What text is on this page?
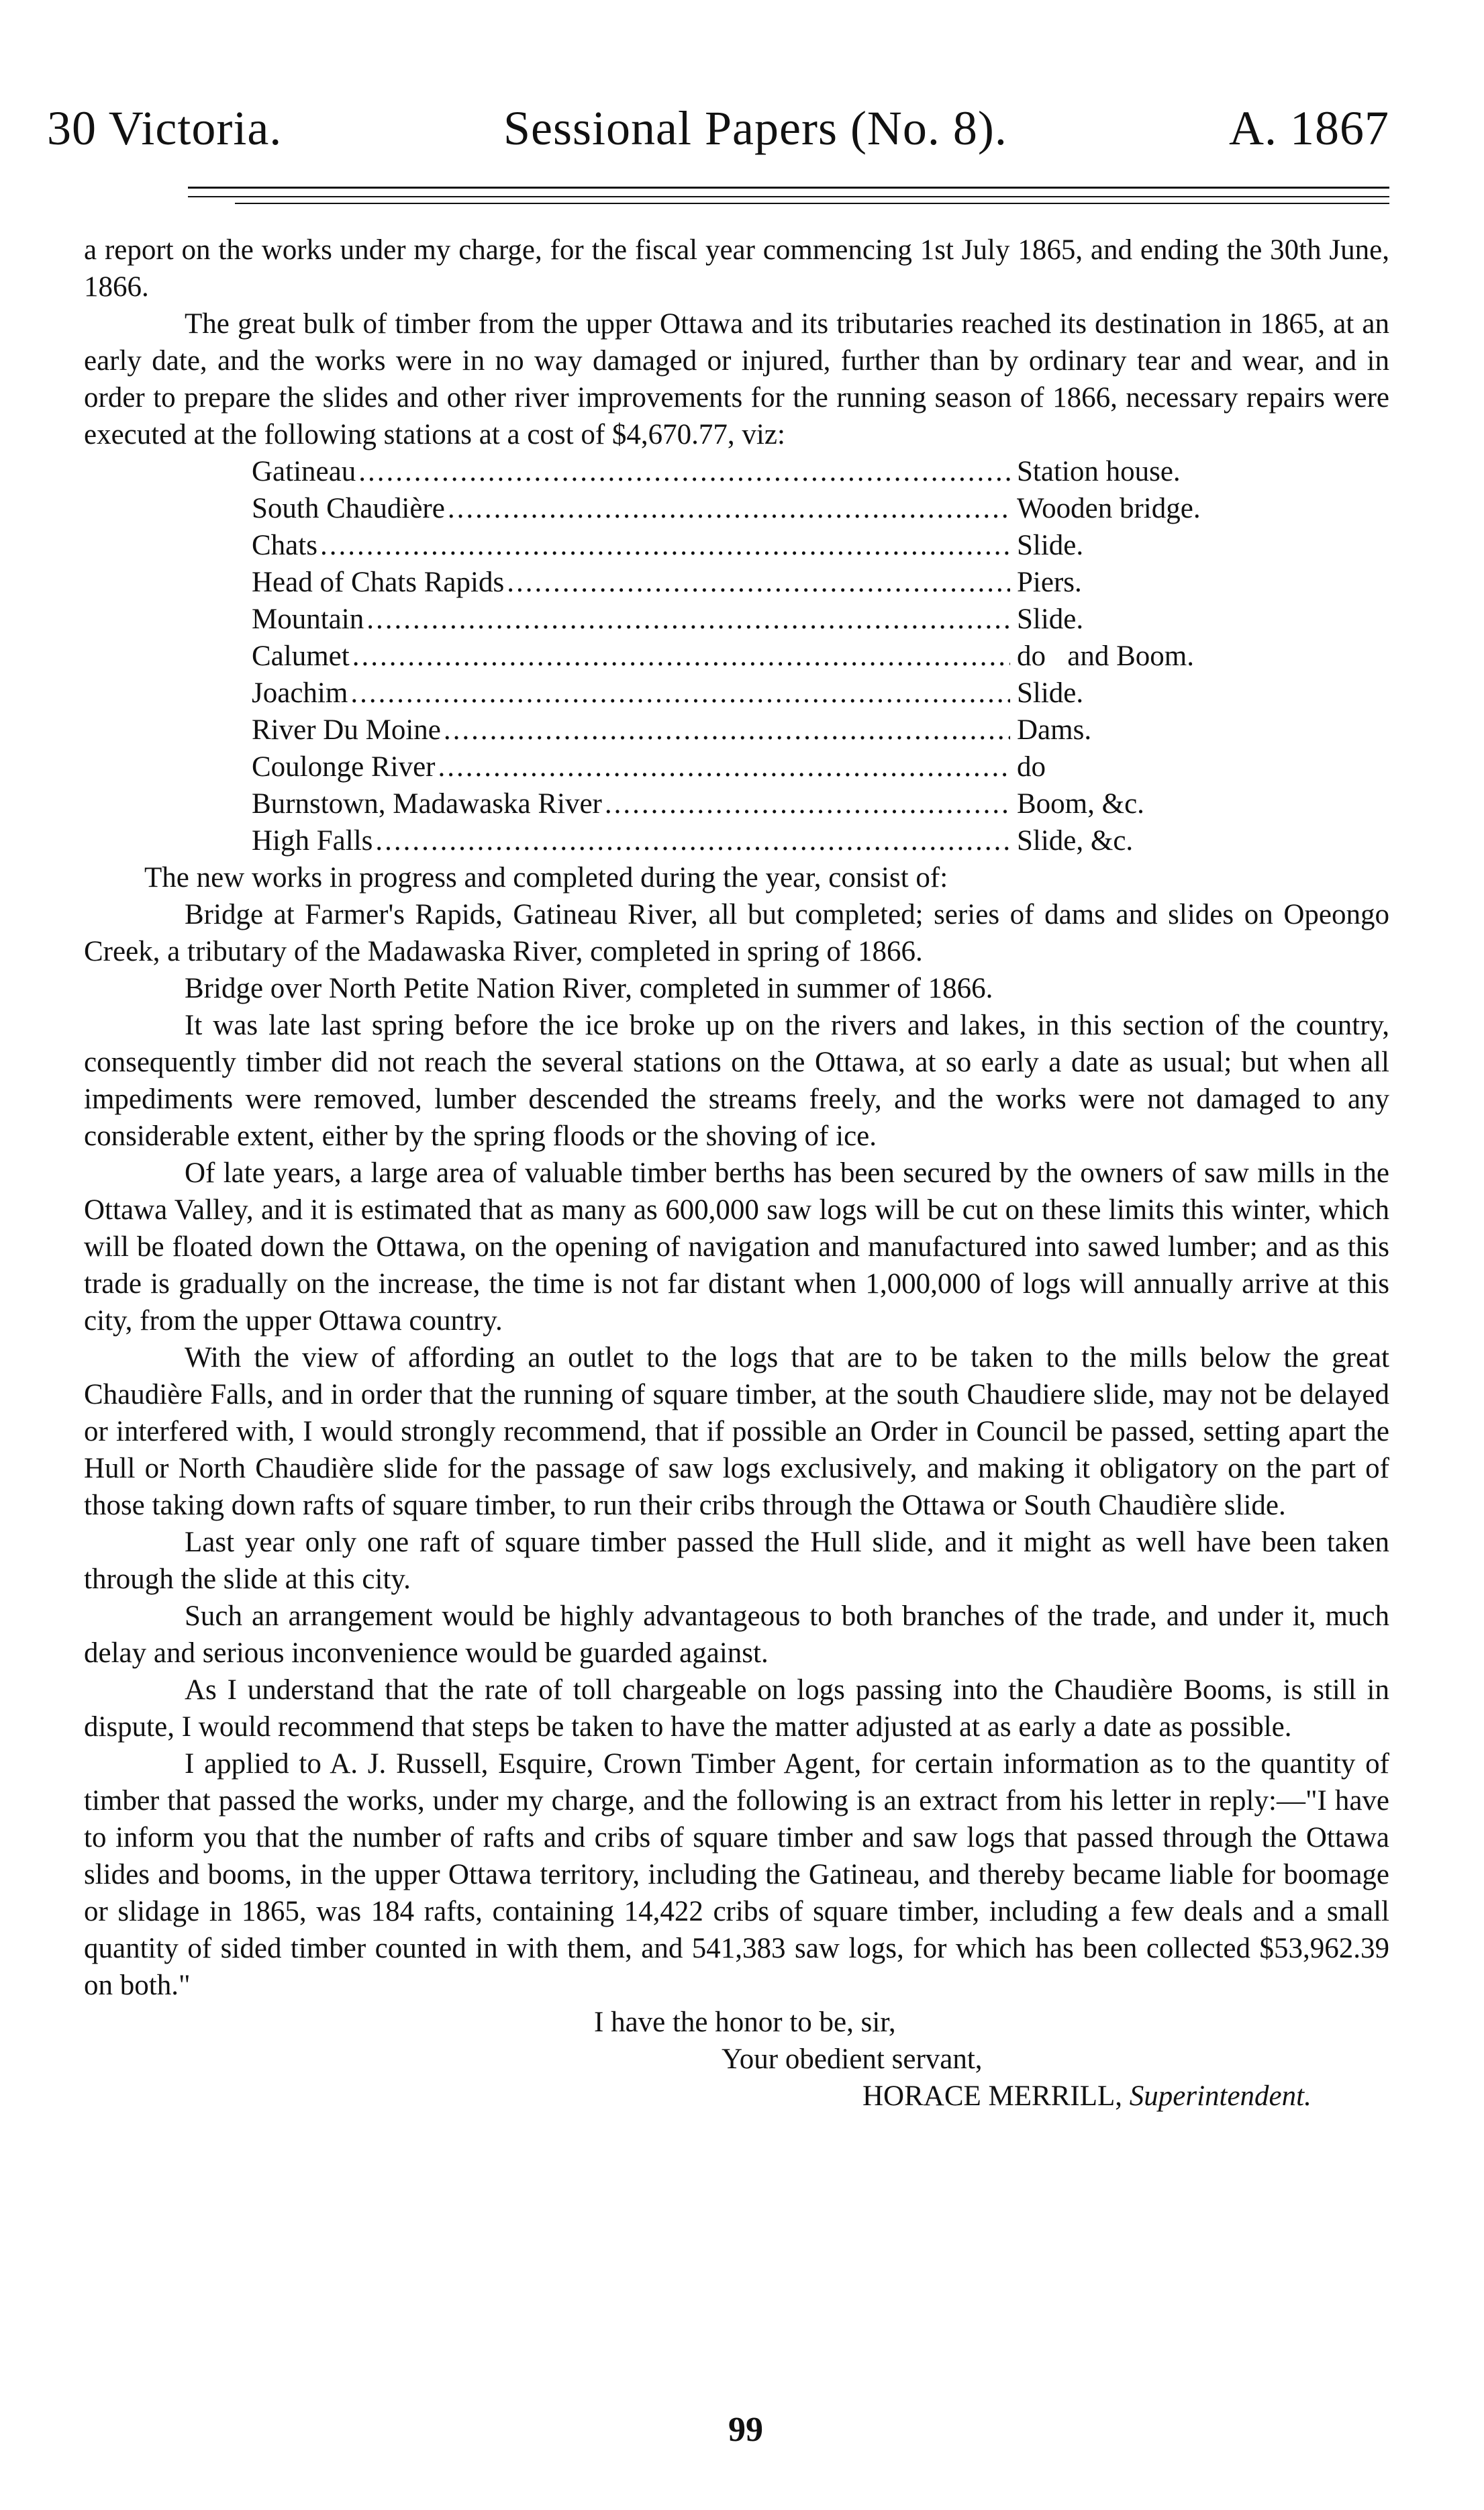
30 Victoria.	Sessional Papers (No. 8).	A. 1867

a report on the works under my charge, for the fiscal year commencing 1st July 1865, and ending the 30th June, 1866.

The great bulk of timber from the upper Ottawa and its tributaries reached its destination in 1865, at an early date, and the works were in no way damaged or injured, further than by ordinary tear and wear, and in order to prepare the slides and other river improvements for the running season of 1866, necessary repairs were executed at the following stations at a cost of $4,670.77, viz:

Gatineau .....	Station house.
South Chaudière .....	Wooden bridge.
Chats .....	Slide.
Head of Chats Rapids .....	Piers.
Mountain .....	Slide.
Calumet .....	do   and Boom.
Joachim .....	Slide.
River Du Moine .....	Dams.
Coulonge River .....	do
Burnstown, Madawaska River .....	Boom, &c.
High Falls .....	Slide, &c.

The new works in progress and completed during the year, consist of:

Bridge at Farmer's Rapids, Gatineau River, all but completed; series of dams and slides on Opeongo Creek, a tributary of the Madawaska River, completed in spring of 1866.

Bridge over North Petite Nation River, completed in summer of 1866.

It was late last spring before the ice broke up on the rivers and lakes, in this section of the country, consequently timber did not reach the several stations on the Ottawa, at so early a date as usual; but when all impediments were removed, lumber descended the streams freely, and the works were not damaged to any considerable extent, either by the spring floods or the shoving of ice.

Of late years, a large area of valuable timber berths has been secured by the owners of saw mills in the Ottawa Valley, and it is estimated that as many as 600,000 saw logs will be cut on these limits this winter, which will be floated down the Ottawa, on the opening of navigation and manufactured into sawed lumber; and as this trade is gradually on the increase, the time is not far distant when 1,000,000 of logs will annually arrive at this city, from the upper Ottawa country.

With the view of affording an outlet to the logs that are to be taken to the mills below the great Chaudière Falls, and in order that the running of square timber, at the south Chaudiere slide, may not be delayed or interfered with, I would strongly recommend, that if possible an Order in Council be passed, setting apart the Hull or North Chaudière slide for the passage of saw logs exclusively, and making it obligatory on the part of those taking down rafts of square timber, to run their cribs through the Ottawa or South Chaudière slide.

Last year only one raft of square timber passed the Hull slide, and it might as well have been taken through the slide at this city.

Such an arrangement would be highly advantageous to both branches of the trade, and under it, much delay and serious inconvenience would be guarded against.

As I understand that the rate of toll chargeable on logs passing into the Chaudière Booms, is still in dispute, I would recommend that steps be taken to have the matter adjusted at as early a date as possible.

I applied to A. J. Russell, Esquire, Crown Timber Agent, for certain information as to the quantity of timber that passed the works, under my charge, and the following is an extract from his letter in reply:—"I have to inform you that the number of rafts and cribs of square timber and saw logs that passed through the Ottawa slides and booms, in the upper Ottawa territory, including the Gatineau, and thereby became liable for boomage or slidage in 1865, was 184 rafts, containing 14,422 cribs of square timber, including a few deals and a small quantity of sided timber counted in with them, and 541,383 saw logs, for which has been collected $53,962.39 on both."

I have the honor to be, sir,

Your obedient servant,

HORACE MERRILL, Superintendent.

99
